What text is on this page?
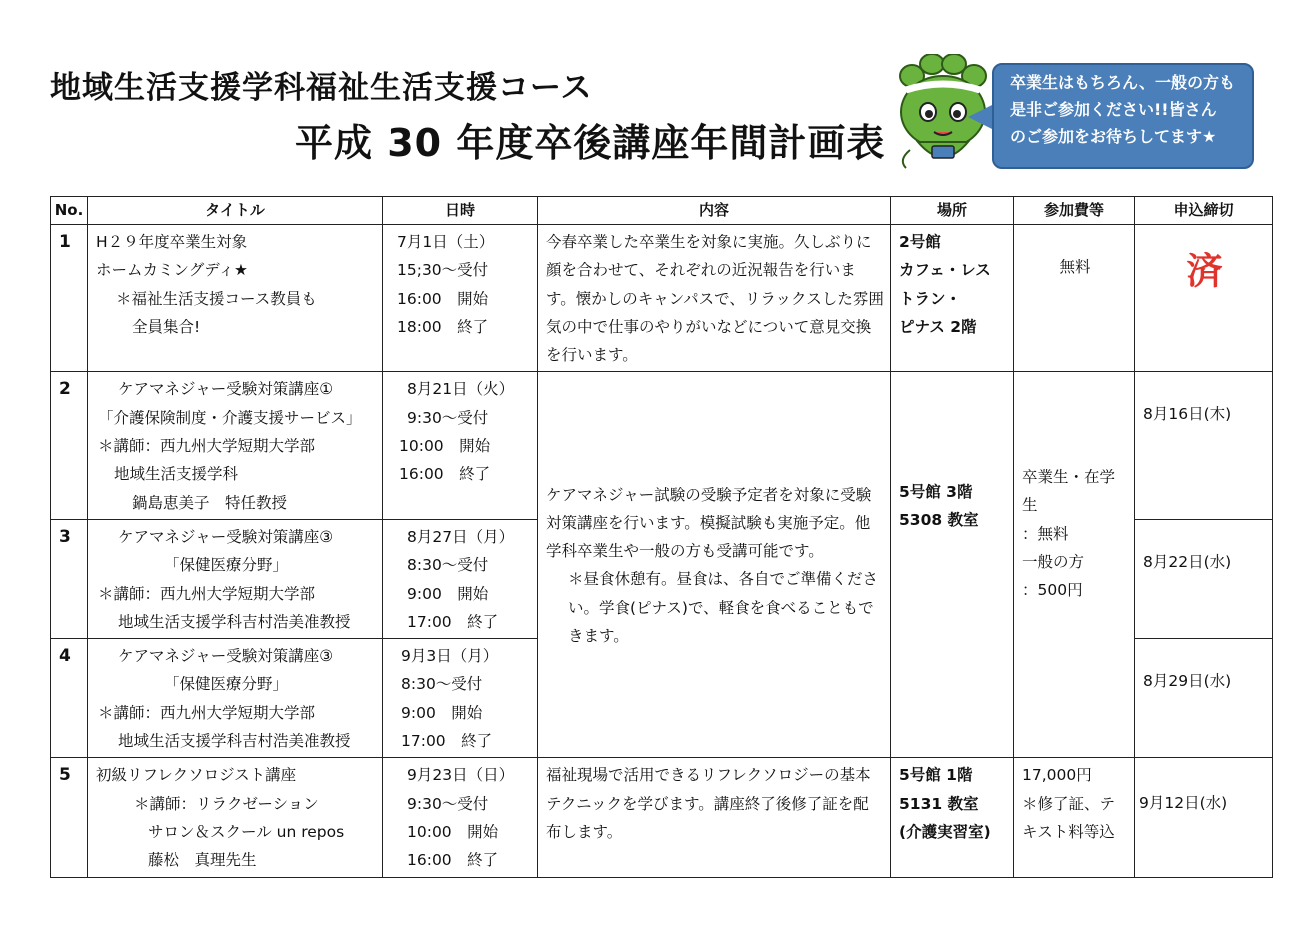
地域生活支援学科福祉生活支援コース
平成 30 年度卒後講座年間計画表
卒業生はもちろん、一般の方も
是非ご参加ください!!皆さん
のご参加をお待ちしてます★
No.	タイトル	日時	内容	場所	参加費等	申込締切
1	H２９年度卒業生対象
ホームカミングディ★
＊福祉生活支援コース教員も
全員集合!	7月1日（土）
15;30～受付
16:00　開始
18:00　終了	今春卒業した卒業生を対象に実施。久しぶりに顔を合わせて、それぞれの近況報告を行います。懐かしのキャンパスで、リラックスした雰囲気の中で仕事のやりがいなどについて意見交換を行います。	2号館
カフェ・レス
トラン・
ピナス 2階	無料	済
2	ケアマネジャー受験対策講座①
「介護保険制度・介護支援サービス」
＊講師：西九州大学短期大学部
地域生活支援学科
鍋島恵美子　特任教授	8月21日（火）
9:30～受付
10:00　開始
16:00　終了	ケアマネジャー試験の受験予定者を対象に受験対策講座を行います。模擬試験も実施予定。他学科卒業生や一般の方も受講可能です。
＊昼食休憩有。昼食は、各自でご準備ください。学食(ピナス)で、軽食を食べることもできます。	5号館 3階
5308 教室	卒業生・在学生
：無料
一般の方
：500円	8月16日(木)

3	ケアマネジャー受験対策講座③
「保健医療分野」
＊講師：西九州大学短期大学部
地域生活支援学科吉村浩美准教授	8月27日（月）
8:30～受付
9:00　開始
17:00　終了				8月22日(水)

4	ケアマネジャー受験対策講座③
「保健医療分野」
＊講師：西九州大学短期大学部
地域生活支援学科吉村浩美准教授	9月3日（月）
8:30～受付
9:00　開始
17:00　終了				8月29日(水)

5	初級リフレクソロジスト講座
＊講師：リラクゼーション
サロン＆スクール un repos
藤松　真理先生	9月23日（日）
9:30～受付
10:00　開始
16:00　終了	福祉現場で活用できるリフレクソロジーの基本テクニックを学びます。講座終了後修了証を配布します。	5号館 1階
5131 教室
(介護実習室)	17,000円
＊修了証、テキスト料等込	9月12日(水)
